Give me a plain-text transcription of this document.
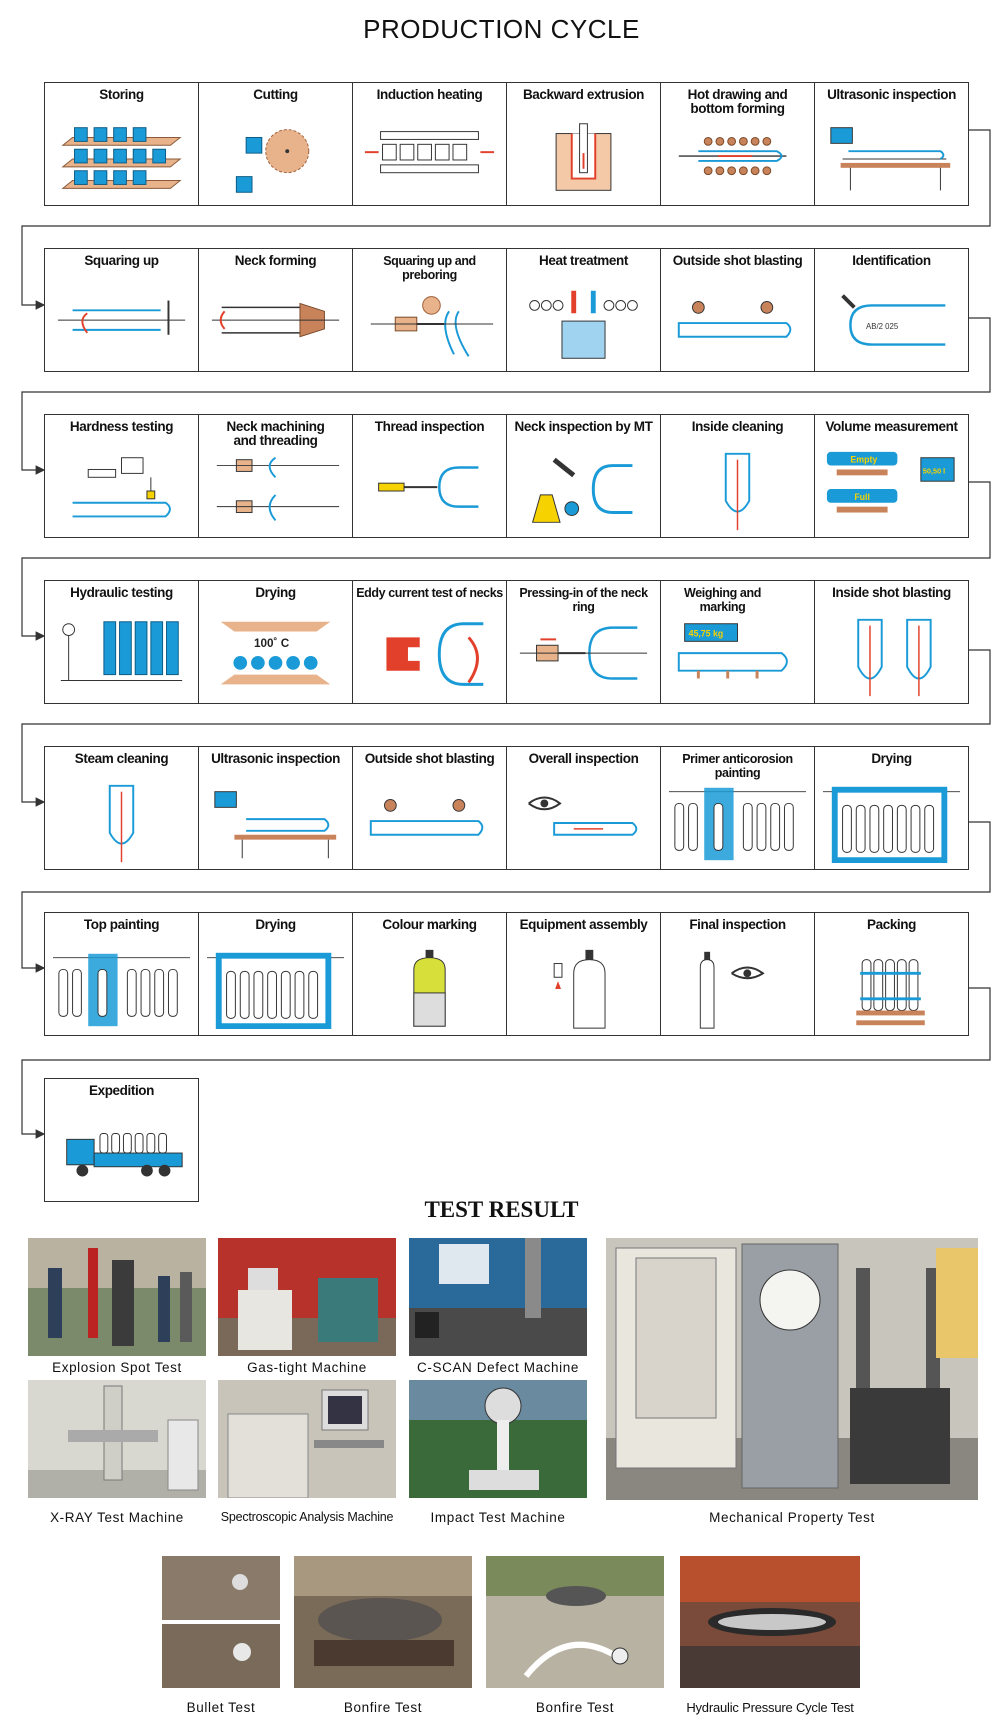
PRODUCTION CYCLE
Storing	Cutting	Induction heating	Backward extrusion	Hot drawing and bottom forming
Ultrasonic inspection
Squaring up	Neck forming	Squaring up and preboring
Heat treatment	Outside shot blasting	Identification
AB/2 025
Hardness testing	Neck machining and threading
Thread inspection	Neck inspection by MT	Inside cleaning	Volume measurement
Empty
Full
50,50 l
Hydraulic testing	Drying
100˚ C
Eddy current test of necks	Pressing-in of the neck ring
Weighing and marking
45,75 kg
Inside shot blasting
Steam cleaning	Ultrasonic inspection	Outside shot blasting	Overall inspection	Primer anticorosion painting
Drying
Top painting	Drying	Colour marking	Equipment assembly	Final inspection	Packing
Expedition
TEST RESULT
Explosion Spot Test	Gas-tight Machine	C-SCAN Defect Machine
X-RAY Test Machine	Spectroscopic Analysis Machine	Impact Test Machine	Mechanical Property Test
Bullet Test	Bonfire Test	Bonfire Test	Hydraulic Pressure Cycle Test
